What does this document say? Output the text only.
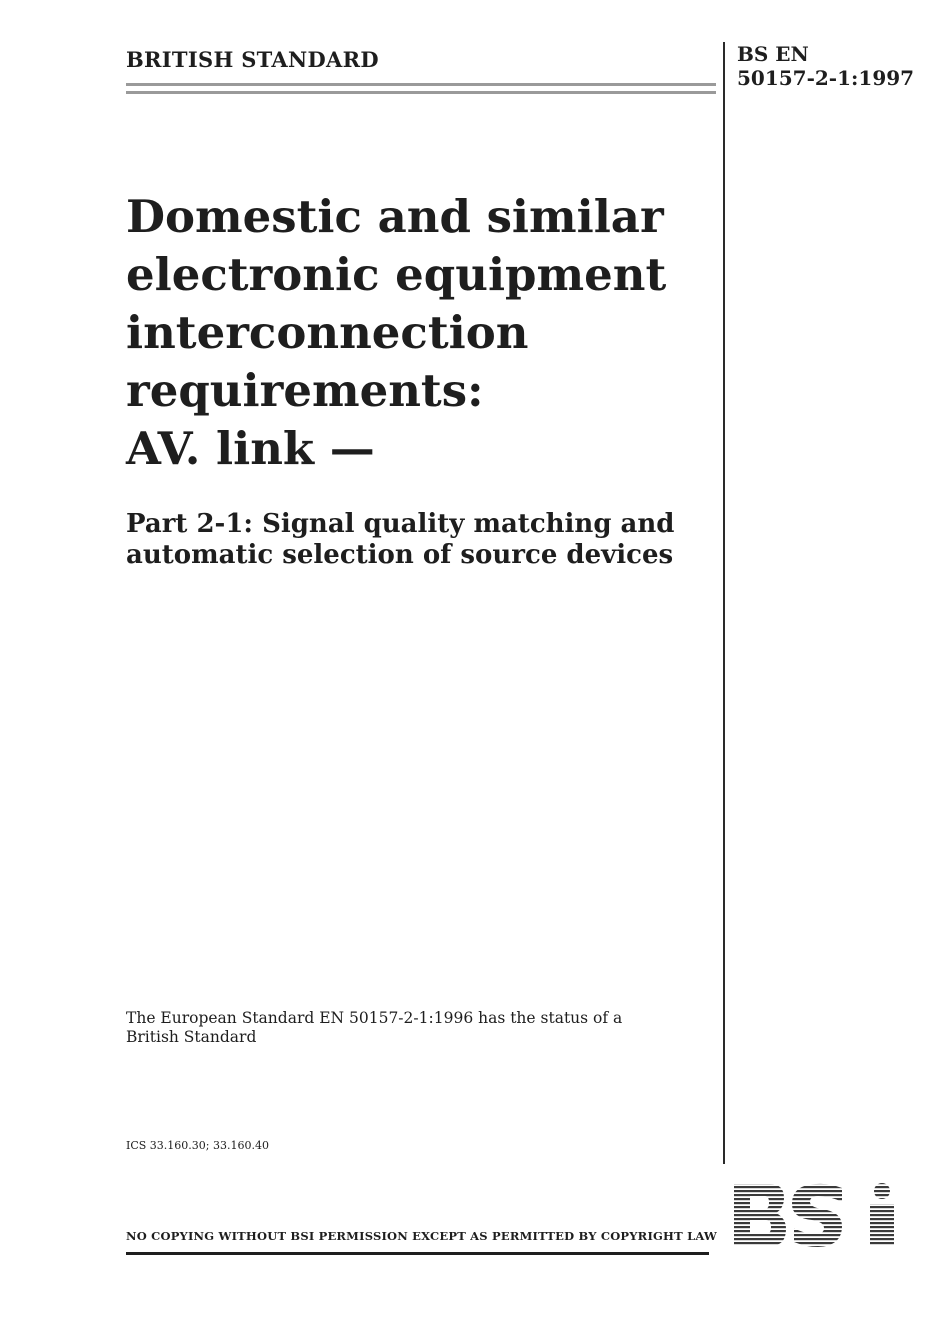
BRITISH STANDARD	BS EN
50157-2-1:1997
Domestic and similar
electronic equipment
interconnection
requirements:
AV. link —
Part 2-1: Signal quality matching and
automatic selection of source devices
The European Standard EN 50157-2-1:1996 has the status of a
British Standard
ICS 33.160.30; 33.160.40
NO COPYING WITHOUT BSI PERMISSION EXCEPT AS PERMITTED BY COPYRIGHT LAW
